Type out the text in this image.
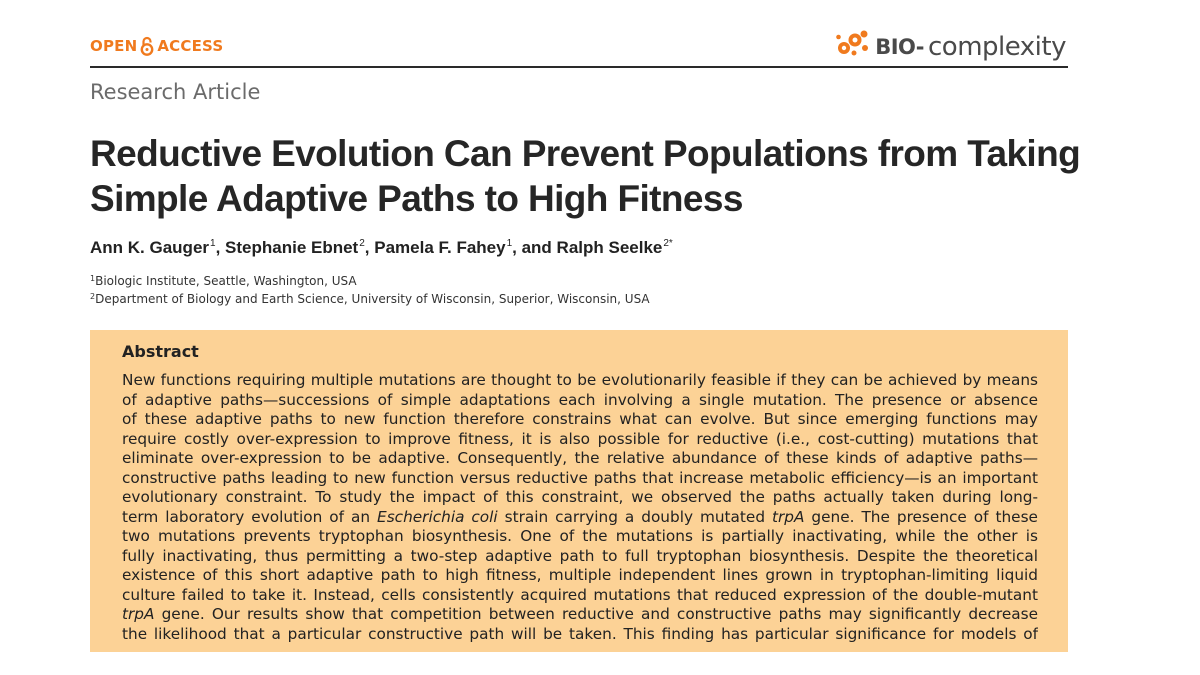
OPEN ACCESS	BIO- complexity
Research Article
Reductive Evolution Can Prevent Populations from Taking
Simple Adaptive Paths to High Fitness
Ann K. Gauger$^1$, Stephanie Ebnet$^2$, Pamela F. Fahey$^1$, and Ralph Seelke$^{2*}$
$^1$Biologic Institute, Seattle, Washington, USA
$^2$Department of Biology and Earth Science, University of Wisconsin, Superior, Wisconsin, USA
Abstract
New functions requiring multiple mutations are thought to be evolutionarily feasible if they can be achieved by means
of adaptive paths—successions of simple adaptations each involving a single mutation. The presence or absence
of these adaptive paths to new function therefore constrains what can evolve. But since emerging functions may
require costly over-expression to improve fitness, it is also possible for reductive (i.e., cost-cutting) mutations that
eliminate over-expression to be adaptive. Consequently, the relative abundance of these kinds of adaptive paths—
constructive paths leading to new function versus reductive paths that increase metabolic efficiency—is an important
evolutionary constraint. To study the impact of this constraint, we observed the paths actually taken during long-
term laboratory evolution of an Escherichia coli strain carrying a doubly mutated trpA gene. The presence of these
two mutations prevents tryptophan biosynthesis. One of the mutations is partially inactivating, while the other is
fully inactivating, thus permitting a two-step adaptive path to full tryptophan biosynthesis. Despite the theoretical
existence of this short adaptive path to high fitness, multiple independent lines grown in tryptophan-limiting liquid
culture failed to take it. Instead, cells consistently acquired mutations that reduced expression of the double-mutant
trpA gene. Our results show that competition between reductive and constructive paths may significantly decrease
the likelihood that a particular constructive path will be taken. This finding has particular significance for models of
